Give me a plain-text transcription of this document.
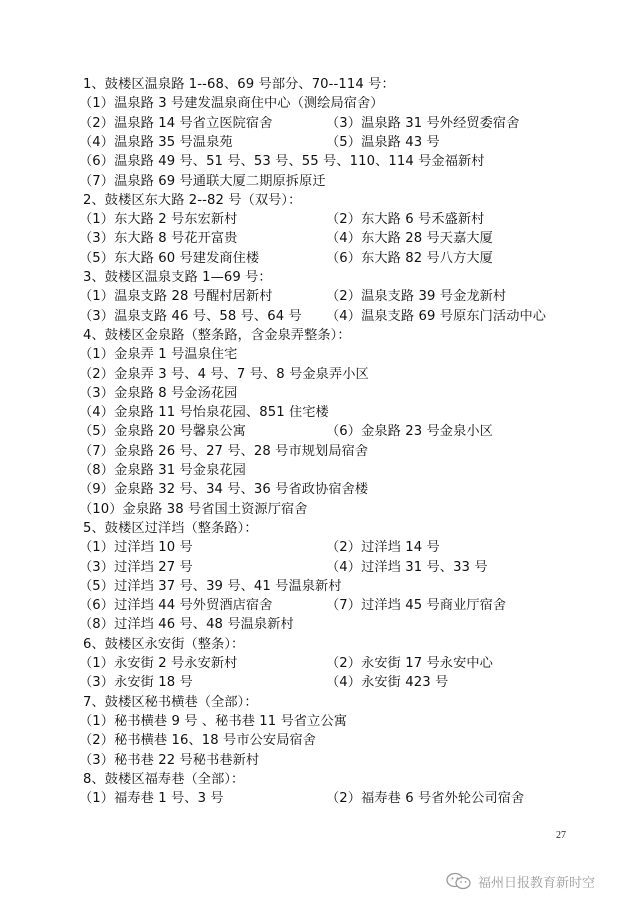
1、鼓楼区温泉路 1--68、69 号部分、70--114 号：
（1）温泉路 3 号建发温泉商住中心（测绘局宿舍）
（2）温泉路 14 号省立医院宿舍	（3）温泉路 31 号外经贸委宿舍
（4）温泉路 35 号温泉苑	（5）温泉路 43 号
（6）温泉路 49 号、51 号、53 号、55 号、110、114 号金福新村
（7）温泉路 69 号通联大厦二期原拆原迁
2、鼓楼区东大路 2--82 号（双号）：
（1）东大路 2 号东宏新村	（2）东大路 6 号禾盛新村
（3）东大路 8 号花开富贵	（4）东大路 28 号天嘉大厦
（5）东大路 60 号建发商住楼	（6）东大路 82 号八方大厦
3、鼓楼区温泉支路 1—69 号：
（1）温泉支路 28 号醒村居新村	（2）温泉支路 39 号金龙新村
（3）温泉支路 46 号、58 号、64 号 （4）温泉支路 69 号原东门活动中心
4、鼓楼区金泉路（整条路，含金泉弄整条）：
（1）金泉弄 1 号温泉住宅
（2）金泉弄 3 号、4 号、7 号、8 号金泉弄小区
（3）金泉路 8 号金汤花园
（4）金泉路 11 号怡泉花园、851 住宅楼
（5）金泉路 20 号馨泉公寓	（6）金泉路 23 号金泉小区
（7）金泉路 26 号、27 号、28 号市规划局宿舍
（8）金泉路 31 号金泉花园
（9）金泉路 32 号、34 号、36 号省政协宿舍楼
（10）金泉路 38 号省国土资源厅宿舍
5、鼓楼区过洋垱（整条路）：
（1）过洋垱 10 号	（2）过洋垱 14 号
（3）过洋垱 27 号	（4）过洋垱 31 号、33 号
（5）过洋垱 37 号、39 号、41 号温泉新村
（6）过洋垱 44 号外贸酒店宿舍	（7）过洋垱 45 号商业厅宿舍
（8）过洋垱 46 号、48 号温泉新村
6、鼓楼区永安街（整条）：
（1）永安街 2 号永安新村	（2）永安街 17 号永安中心
（3）永安街 18 号	（4）永安街 423 号
7、鼓楼区秘书横巷（全部）：
（1）秘书横巷 9 号 、秘书巷 11 号省立公寓
（2）秘书横巷 16、18 号市公安局宿舍
（3）秘书巷 22 号秘书巷新村
8、鼓楼区福寿巷（全部）：
（1）福寿巷 1 号、3 号	（2）福寿巷 6 号省外轮公司宿舍
27
福州日报教育新时空
